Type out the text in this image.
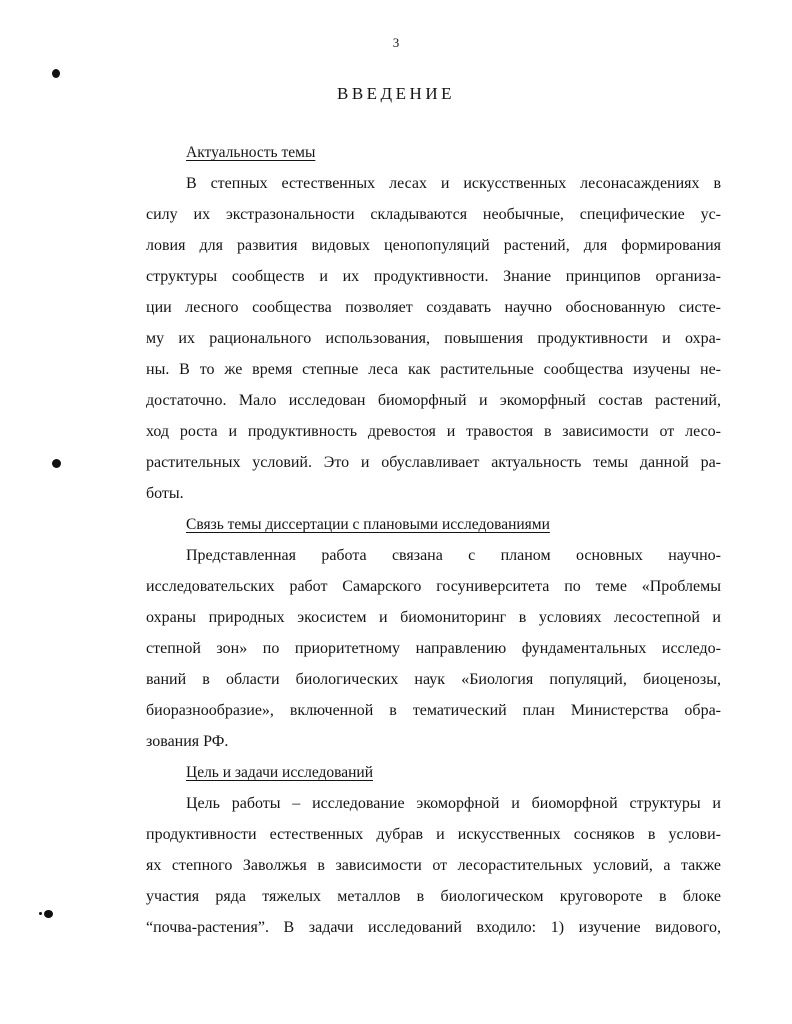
3
ВВЕДЕНИЕ
Актуальность темы
В степных естественных лесах и искусственных лесонасаждениях в
силу их экстразональности складываются необычные, специфические ус-
ловия для развития видовых ценопопуляций растений, для формирования
структуры сообществ и их продуктивности. Знание принципов организа-
ции лесного сообщества позволяет создавать научно обоснованную систе-
му их рационального использования, повышения продуктивности и охра-
ны. В то же время степные леса как растительные сообщества изучены не-
достаточно. Мало исследован биоморфный и экоморфный состав растений,
ход роста и продуктивность древостоя и травостоя в зависимости от лесо-
растительных условий. Это и обуславливает актуальность темы данной ра-
боты.
Связь темы диссертации с плановыми исследованиями
Представленная работа связана с планом основных научно-
исследовательских работ Самарского госуниверситета по теме «Проблемы
охраны природных экосистем и биомониторинг в условиях лесостепной и
степной зон» по приоритетному направлению фундаментальных исследо-
ваний в области биологических наук «Биология популяций, биоценозы,
биоразнообразие», включенной в тематический план Министерства обра-
зования РФ.
Цель и задачи исследований
Цель работы – исследование экоморфной и биоморфной структуры и
продуктивности естественных дубрав и искусственных сосняков в услови-
ях степного Заволжья в зависимости от лесорастительных условий, а также
участия ряда тяжелых металлов в биологическом круговороте в блоке
“почва-растения”. В задачи исследований входило: 1) изучение видового,
